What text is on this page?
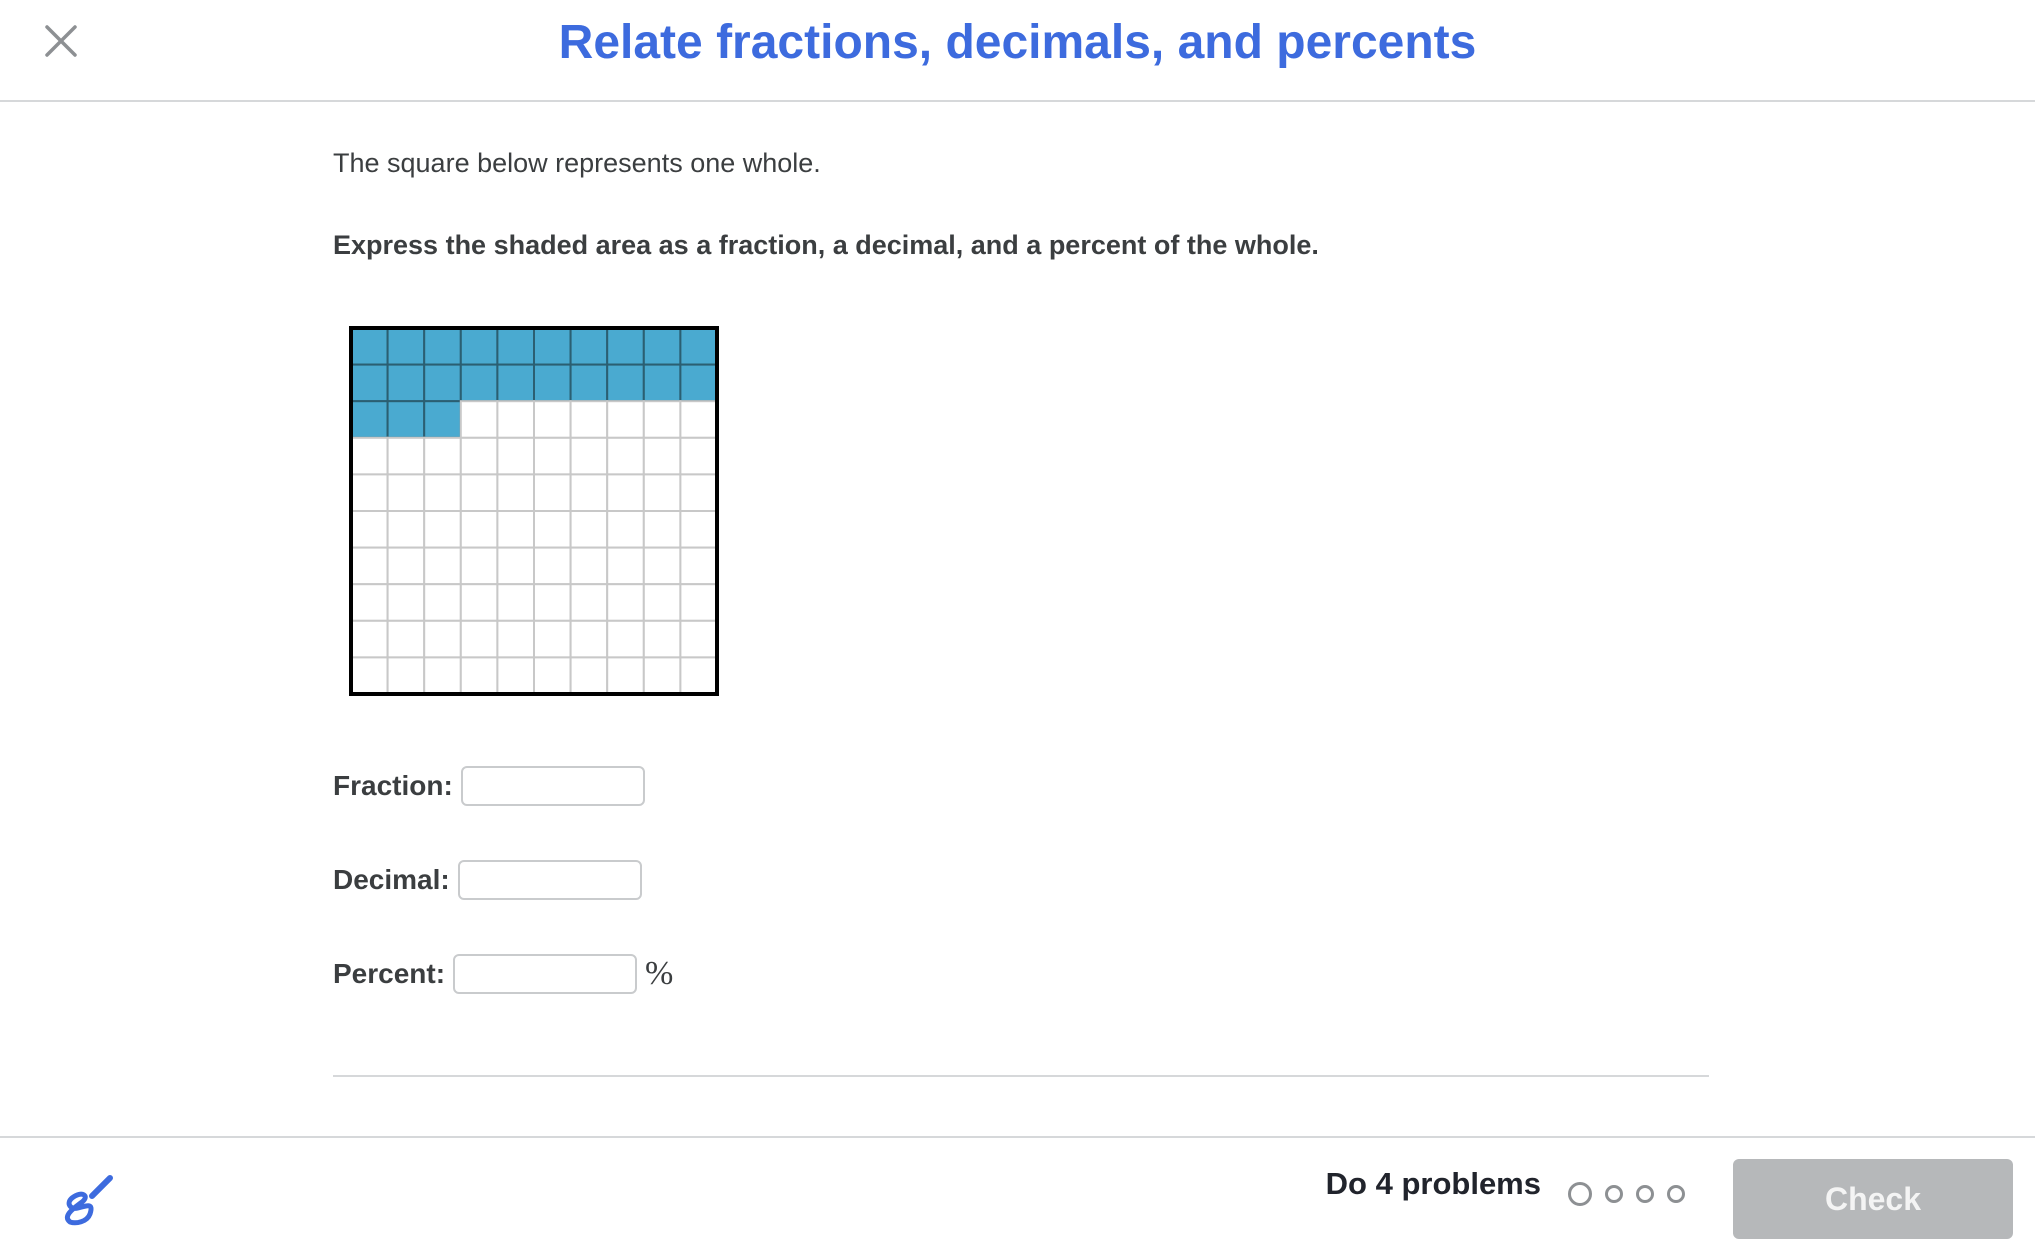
Relate fractions, decimals, and percents
The square below represents one whole.
Express the shaded area as a fraction, a decimal, and a percent of the whole.
Fraction:
Decimal:
Percent:	%
Do 4 problems	Check
